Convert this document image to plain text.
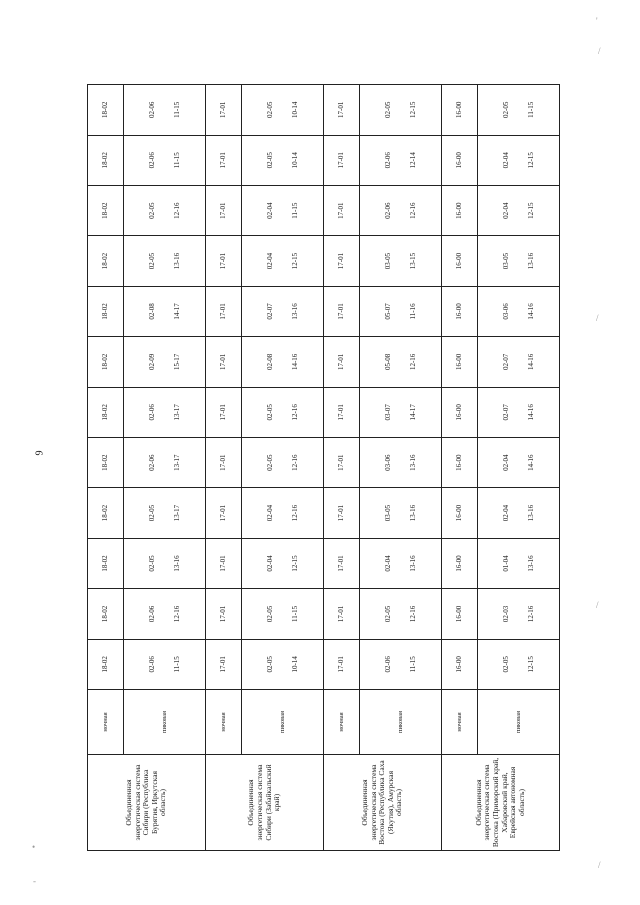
9
•
-
'
/
/
/
/
Объединенная энергетическая система Сибири (Республика Бурятия, Иркутская область)	ночная	18-02	18-02	18-02	18-02	18-02	18-02	18-02	18-02	18-02	18-02	18-02	18-02
	пиковая	02-06 11-15	02-06 12-16	02-05 13-16	02-05 13-17	02-06 13-17	02-06 13-17	02-09 15-17	02-08 14-17	02-05 13-16	02-05 12-16	02-06 11-15	02-06 11-15

Объединенная энергетическая система Сибири (Забайкальский край)	ночная	17-01	17-01	17-01	17-01	17-01	17-01	17-01	17-01	17-01	17-01	17-01	17-01
	пиковая	02-05 10-14	02-05 11-15	02-04 12-15	02-04 12-16	02-05 12-16	02-05 12-16	02-08 14-16	02-07 13-16	02-04 12-15	02-04 11-15	02-05 10-14	02-05 10-14

Объединенная энергетическая система Востока (Республика Саха (Якутия), Амурская область)	ночная	17-01	17-01	17-01	17-01	17-01	17-01	17-01	17-01	17-01	17-01	17-01	17-01
	пиковая	02-06 11-15	02-05 12-16	02-04 13-16	03-05 13-16	03-06 13-16	03-07 14-17	05-08 12-16	05-07 11-16	03-05 13-15	02-06 12-16	02-06 12-14	02-05 12-15

Объединенная энергетическая система Востока (Приморский край, Хабаровский край, Еврейская автономная область)	ночная	16-00	16-00	16-00	16-00	16-00	16-00	16-00	16-00	16-00	16-00	16-00	16-00
	пиковая	02-05 12-15	02-03 12-16	01-04 13-16	02-04 13-16	02-04 14-16	02-07 14-16	02-07 14-16	03-06 14-16	03-05 13-16	02-04 12-15	02-04 12-15	02-05 11-15
